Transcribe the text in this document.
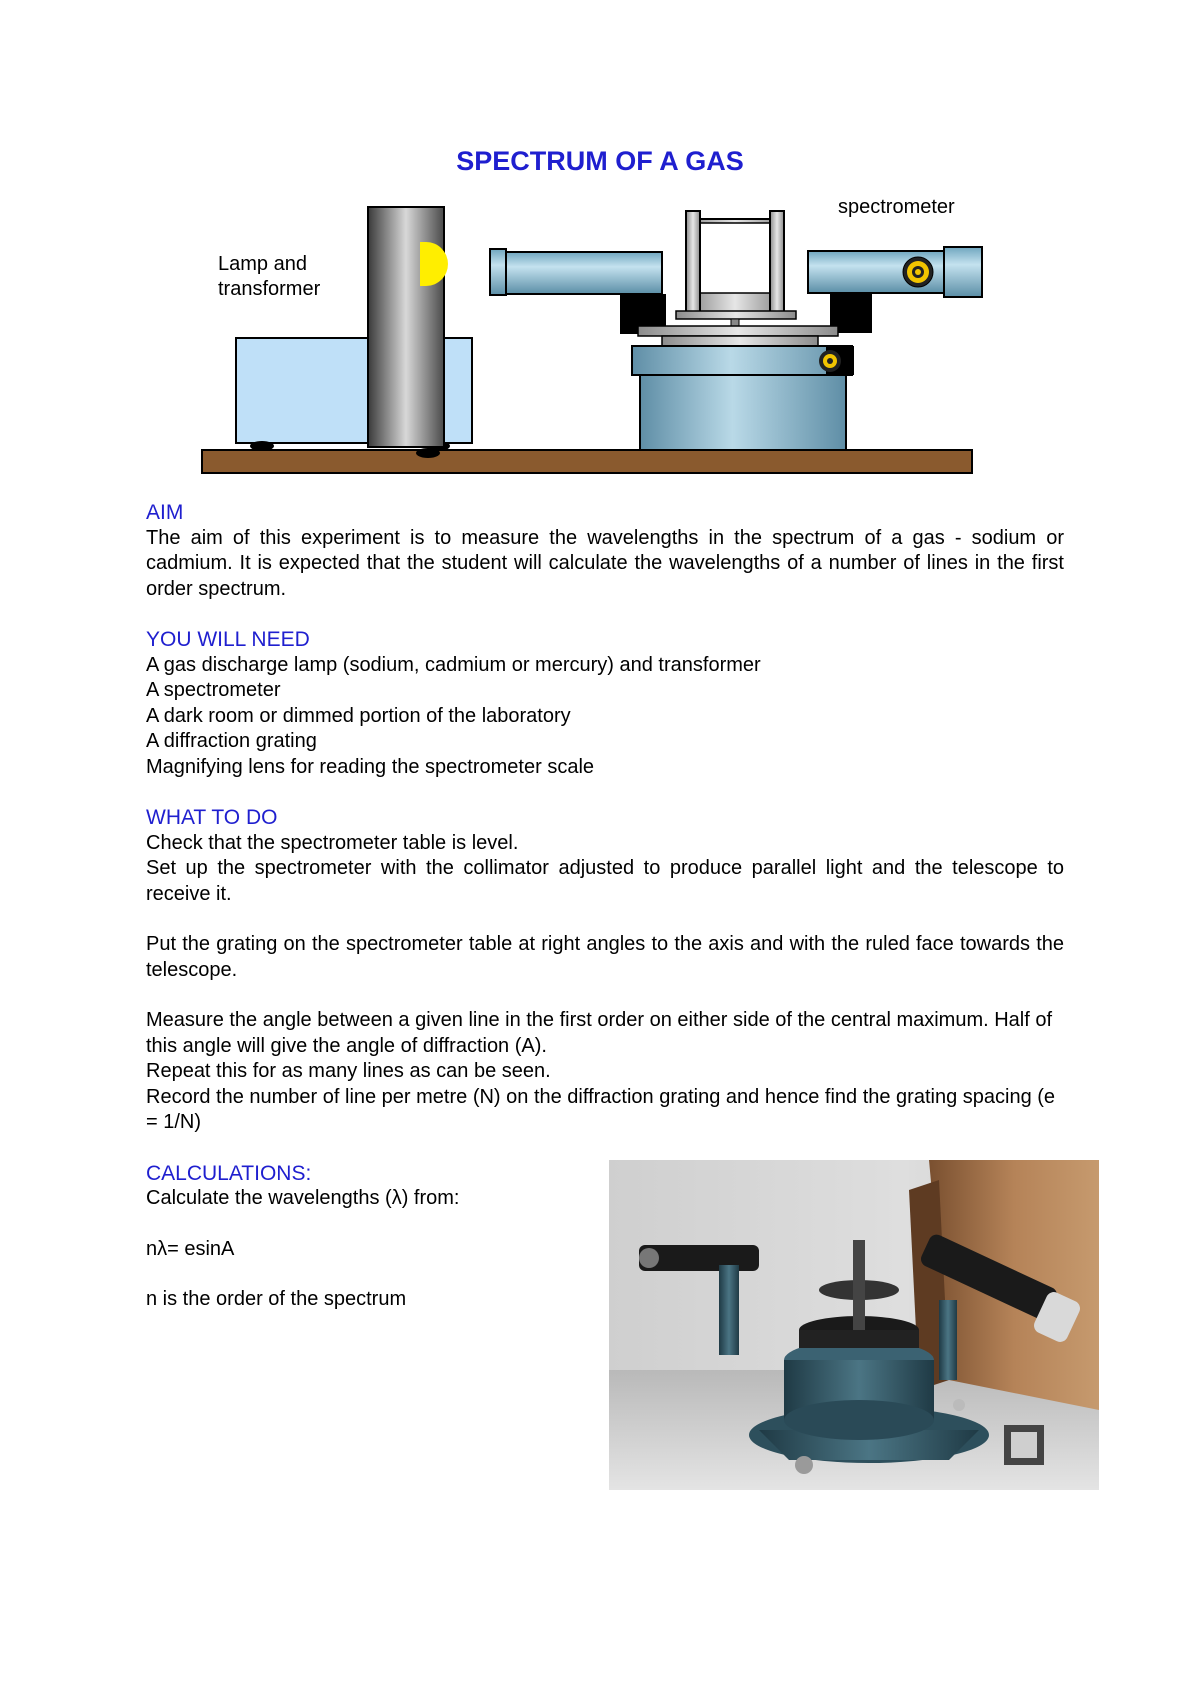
SPECTRUM OF A GAS
Lamp and
transformer
spectrometer
AIM

The aim of this experiment is to measure the wavelengths in the spectrum of a gas - sodium or cadmium. It is expected that the student will calculate the wavelengths of a number of lines in the first order spectrum.

YOU WILL NEED

A gas discharge lamp (sodium, cadmium or mercury) and transformer

A spectrometer

A dark room or dimmed portion of the laboratory

A diffraction grating

Magnifying lens for reading the spectrometer scale

WHAT TO DO

Check that the spectrometer table is level.

Set up the spectrometer with the collimator adjusted to produce parallel light and the telescope to receive it.

Put the grating on the spectrometer table at right angles to the axis and with the ruled face towards the telescope.

Measure the angle between a given line in the first order on either side of the central maximum. Half of this angle will give the angle of diffraction (A).

Repeat this for as many lines as can be seen.

Record the number of line per metre (N) on the diffraction grating and hence find the grating spacing (e = 1/N)

CALCULATIONS:

Calculate the wavelengths (λ) from:

nλ= esinA

n is the order of the spectrum
